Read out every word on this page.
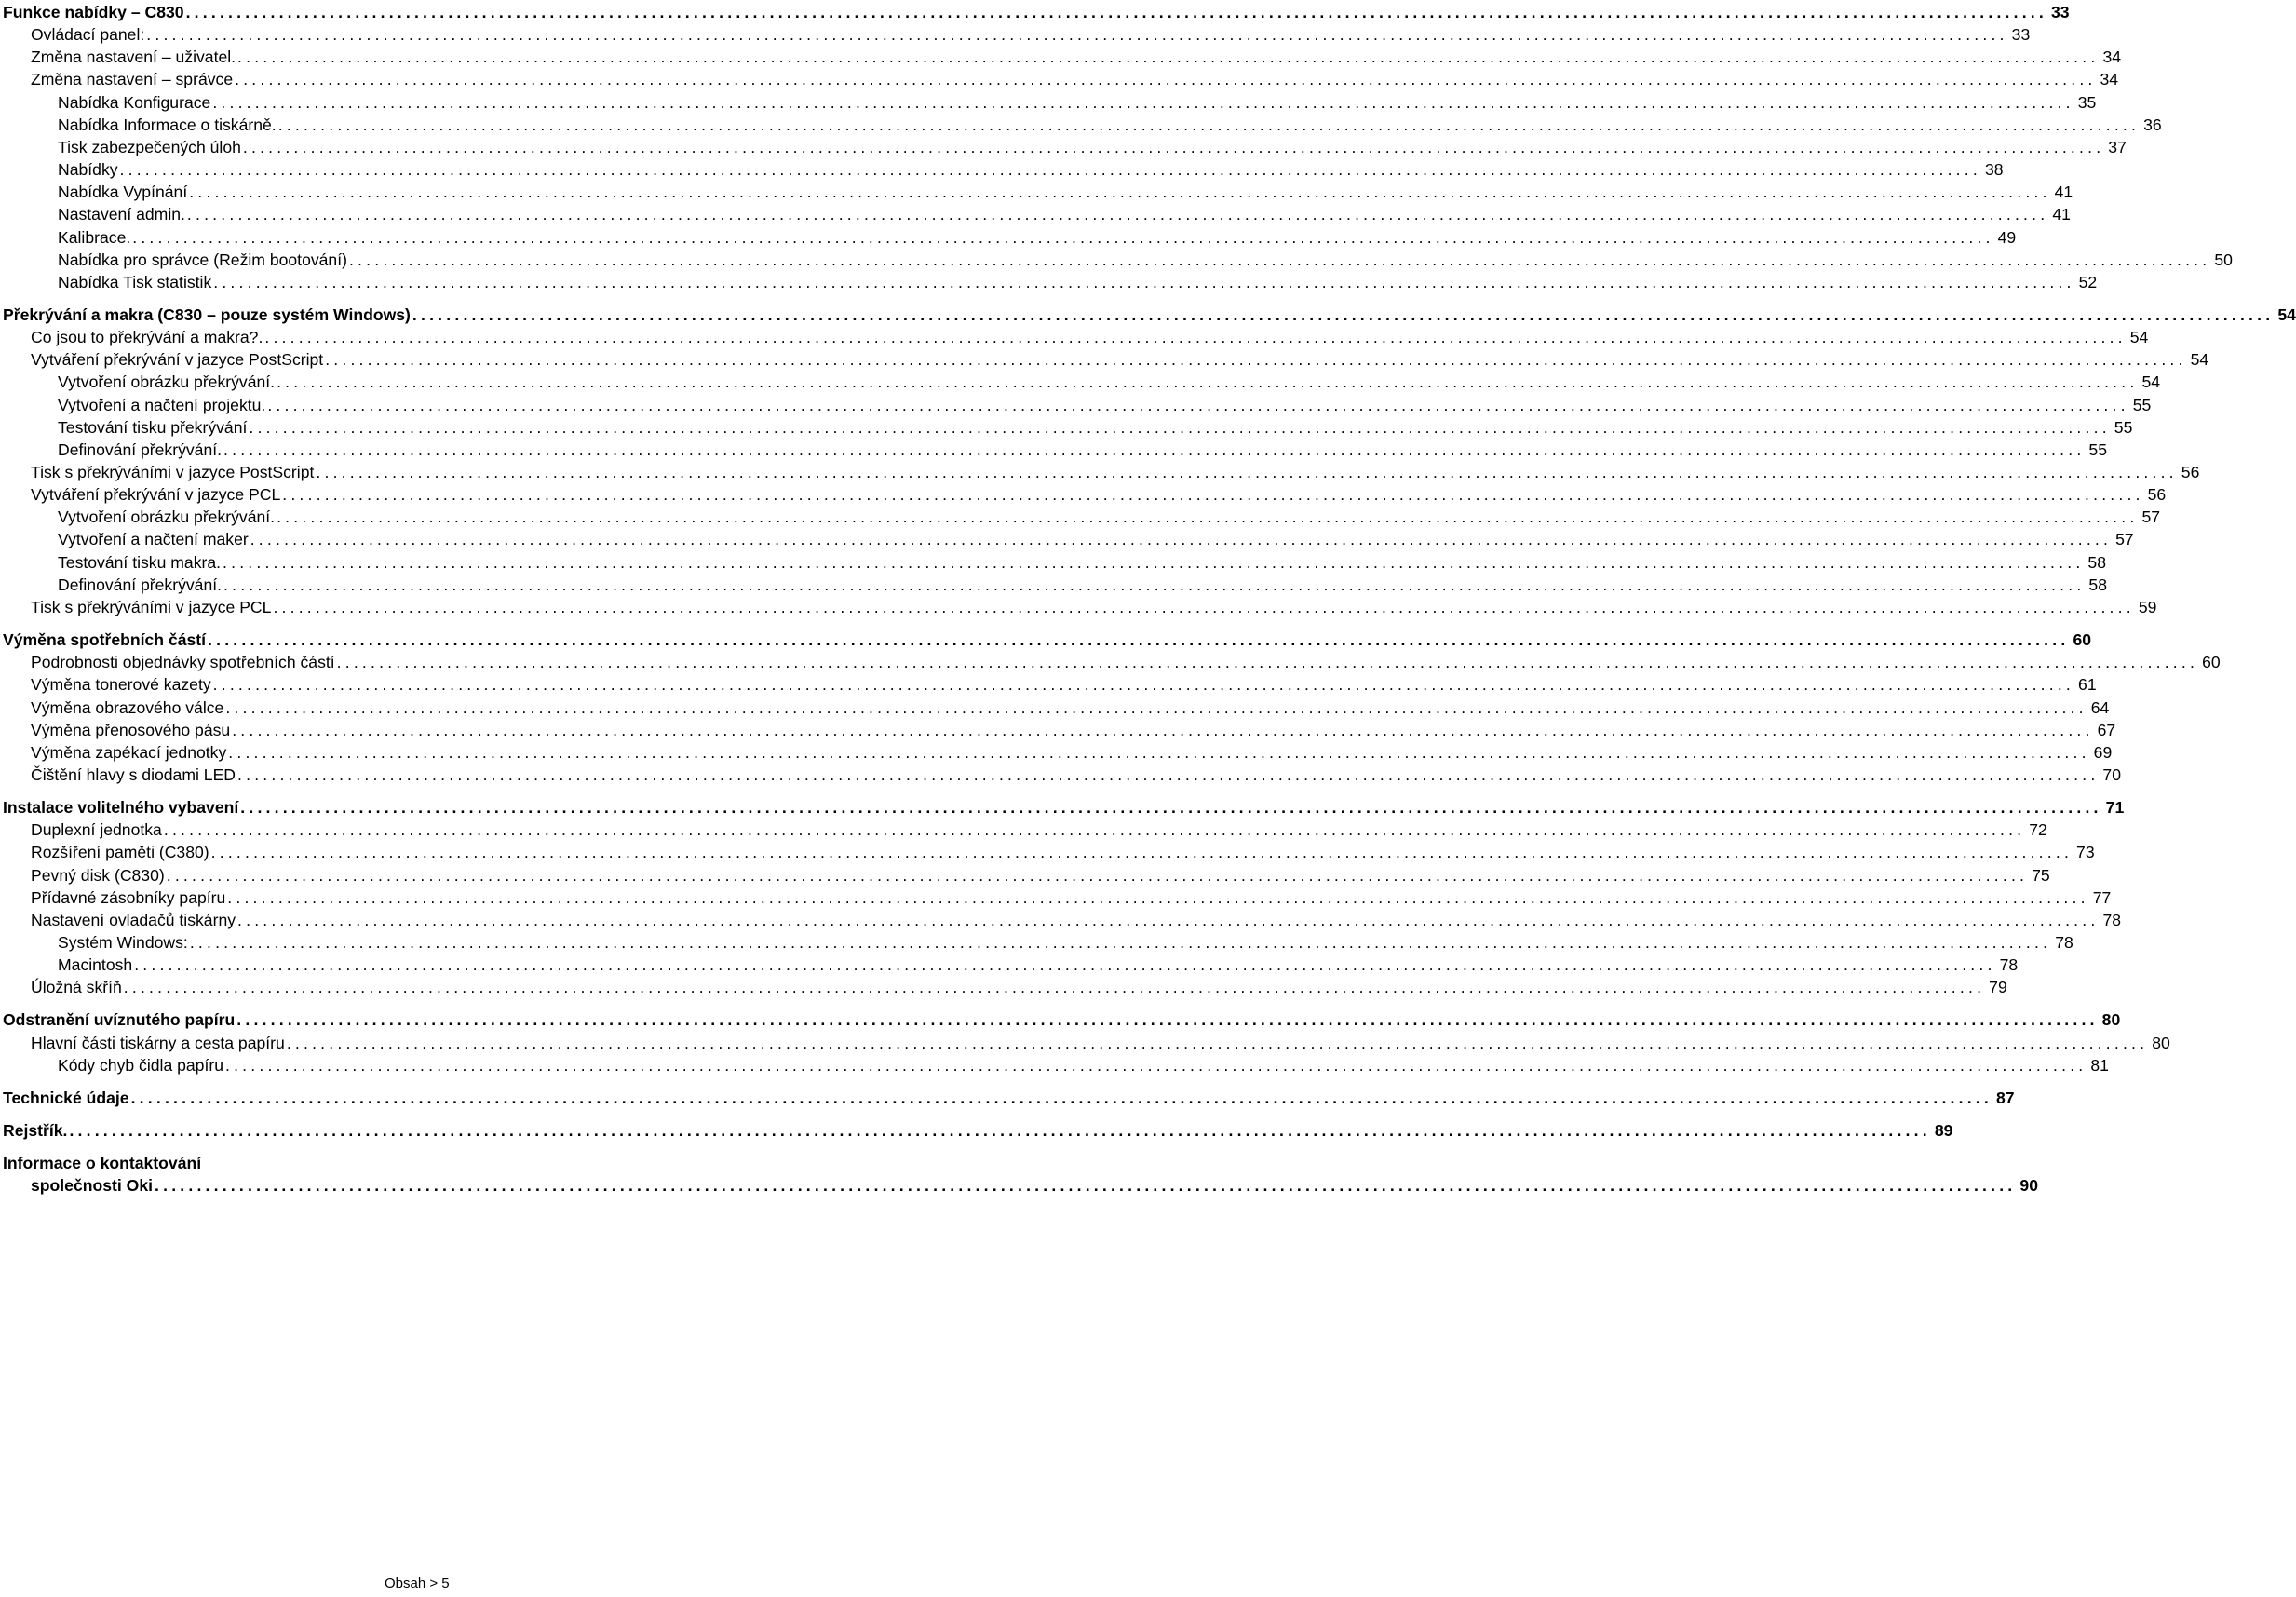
Funkce nabídky – C830 ............................................................................................................................................................................................................................ 33
Ovládací panel: ............................................................................................................................................................................................................................ 33
Změna nastavení – uživatel. ............................................................................................................................................................................................................................ 34
Změna nastavení – správce ............................................................................................................................................................................................................................ 34
Nabídka Konfigurace ............................................................................................................................................................................................................................ 35
Nabídka Informace o tiskárně. ............................................................................................................................................................................................................................ 36
Tisk zabezpečených úloh ............................................................................................................................................................................................................................ 37
Nabídky ............................................................................................................................................................................................................................ 38
Nabídka Vypínání ............................................................................................................................................................................................................................ 41
Nastavení admin. ............................................................................................................................................................................................................................ 41
Kalibrace. ............................................................................................................................................................................................................................ 49
Nabídka pro správce (Režim bootování) ............................................................................................................................................................................................................................ 50
Nabídka Tisk statistik ............................................................................................................................................................................................................................ 52
Překrývání a makra (C830 – pouze systém Windows) ............................................................................................................................................................................................................................ 54
Co jsou to překrývání a makra?. ............................................................................................................................................................................................................................ 54
Vytváření překrývání v jazyce PostScript ............................................................................................................................................................................................................................ 54
Vytvoření obrázku překrývání. ............................................................................................................................................................................................................................ 54
Vytvoření a načtení projektu. ............................................................................................................................................................................................................................ 55
Testování tisku překrývání ............................................................................................................................................................................................................................ 55
Definování překrývání. ............................................................................................................................................................................................................................ 55
Tisk s překrýváními v jazyce PostScript ............................................................................................................................................................................................................................ 56
Vytváření překrývání v jazyce PCL ............................................................................................................................................................................................................................ 56
Vytvoření obrázku překrývání. ............................................................................................................................................................................................................................ 57
Vytvoření a načtení maker ............................................................................................................................................................................................................................ 57
Testování tisku makra. ............................................................................................................................................................................................................................ 58
Definování překrývání. ............................................................................................................................................................................................................................ 58
Tisk s překrýváními v jazyce PCL ............................................................................................................................................................................................................................ 59
Výměna spotřebních částí ............................................................................................................................................................................................................................ 60
Podrobnosti objednávky spotřebních částí ............................................................................................................................................................................................................................ 60
Výměna tonerové kazety ............................................................................................................................................................................................................................ 61
Výměna obrazového válce ............................................................................................................................................................................................................................ 64
Výměna přenosového pásu ............................................................................................................................................................................................................................ 67
Výměna zapékací jednotky ............................................................................................................................................................................................................................ 69
Čištění hlavy s diodami LED ............................................................................................................................................................................................................................ 70
Instalace volitelného vybavení ............................................................................................................................................................................................................................ 71
Duplexní jednotka ............................................................................................................................................................................................................................ 72
Rozšíření paměti (C380) ............................................................................................................................................................................................................................ 73
Pevný disk (C830) ............................................................................................................................................................................................................................ 75
Přídavné zásobníky papíru ............................................................................................................................................................................................................................ 77
Nastavení ovladačů tiskárny ............................................................................................................................................................................................................................ 78
Systém Windows: ............................................................................................................................................................................................................................ 78
Macintosh ............................................................................................................................................................................................................................ 78
Úložná skříň ............................................................................................................................................................................................................................ 79
Odstranění uvíznutého papíru ............................................................................................................................................................................................................................ 80
Hlavní části tiskárny a cesta papíru ............................................................................................................................................................................................................................ 80
Kódy chyb čidla papíru ............................................................................................................................................................................................................................ 81
Technické údaje ............................................................................................................................................................................................................................ 87
Rejstřík. ............................................................................................................................................................................................................................ 89
Informace o kontaktování
společnosti Oki ............................................................................................................................................................................................................................ 90
Obsah > 5
